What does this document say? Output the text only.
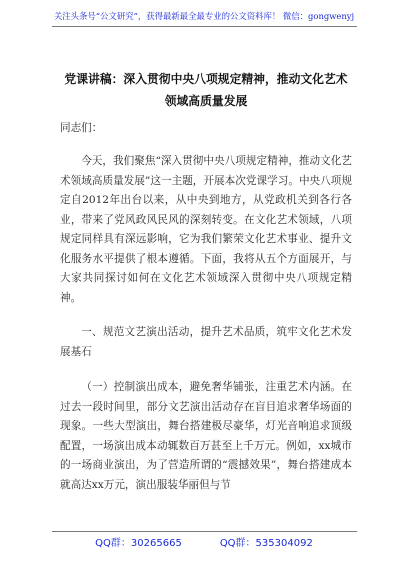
关注头条号“公文研究”，获得最新最全最专业的公文资料库！ 微信：gongwenyj
党课讲稿：深入贯彻中央八项规定精神，推动文化艺术领域高质量发展
同志们：
今天，我们聚焦“深入贯彻中央八项规定精神，推动文化艺术领域高质量发展”这一主题，开展本次党课学习。中央八项规定自2012年出台以来，从中央到地方，从党政机关到各行各业，带来了党风政风民风的深刻转变。在文化艺术领域，八项规定同样具有深远影响，它为我们繁荣文化艺术事业、提升文化服务水平提供了根本遵循。下面，我将从五个方面展开，与大家共同探讨如何在文化艺术领域深入贯彻中央八项规定精神。
一、规范文艺演出活动，提升艺术品质，筑牢文化艺术发展基石
（一）控制演出成本，避免奢华铺张，注重艺术内涵。在过去一段时间里，部分文艺演出活动存在盲目追求奢华场面的现象。一些大型演出，舞台搭建极尽豪华，灯光音响追求顶级配置，一场演出成本动辄数百万甚至上千万元。例如，xx城市的一场商业演出，为了营造所谓的“震撼效果”，舞台搭建成本就高达xx万元，演出服装华丽但与节
QQ群：30265665	QQ群：535304092
